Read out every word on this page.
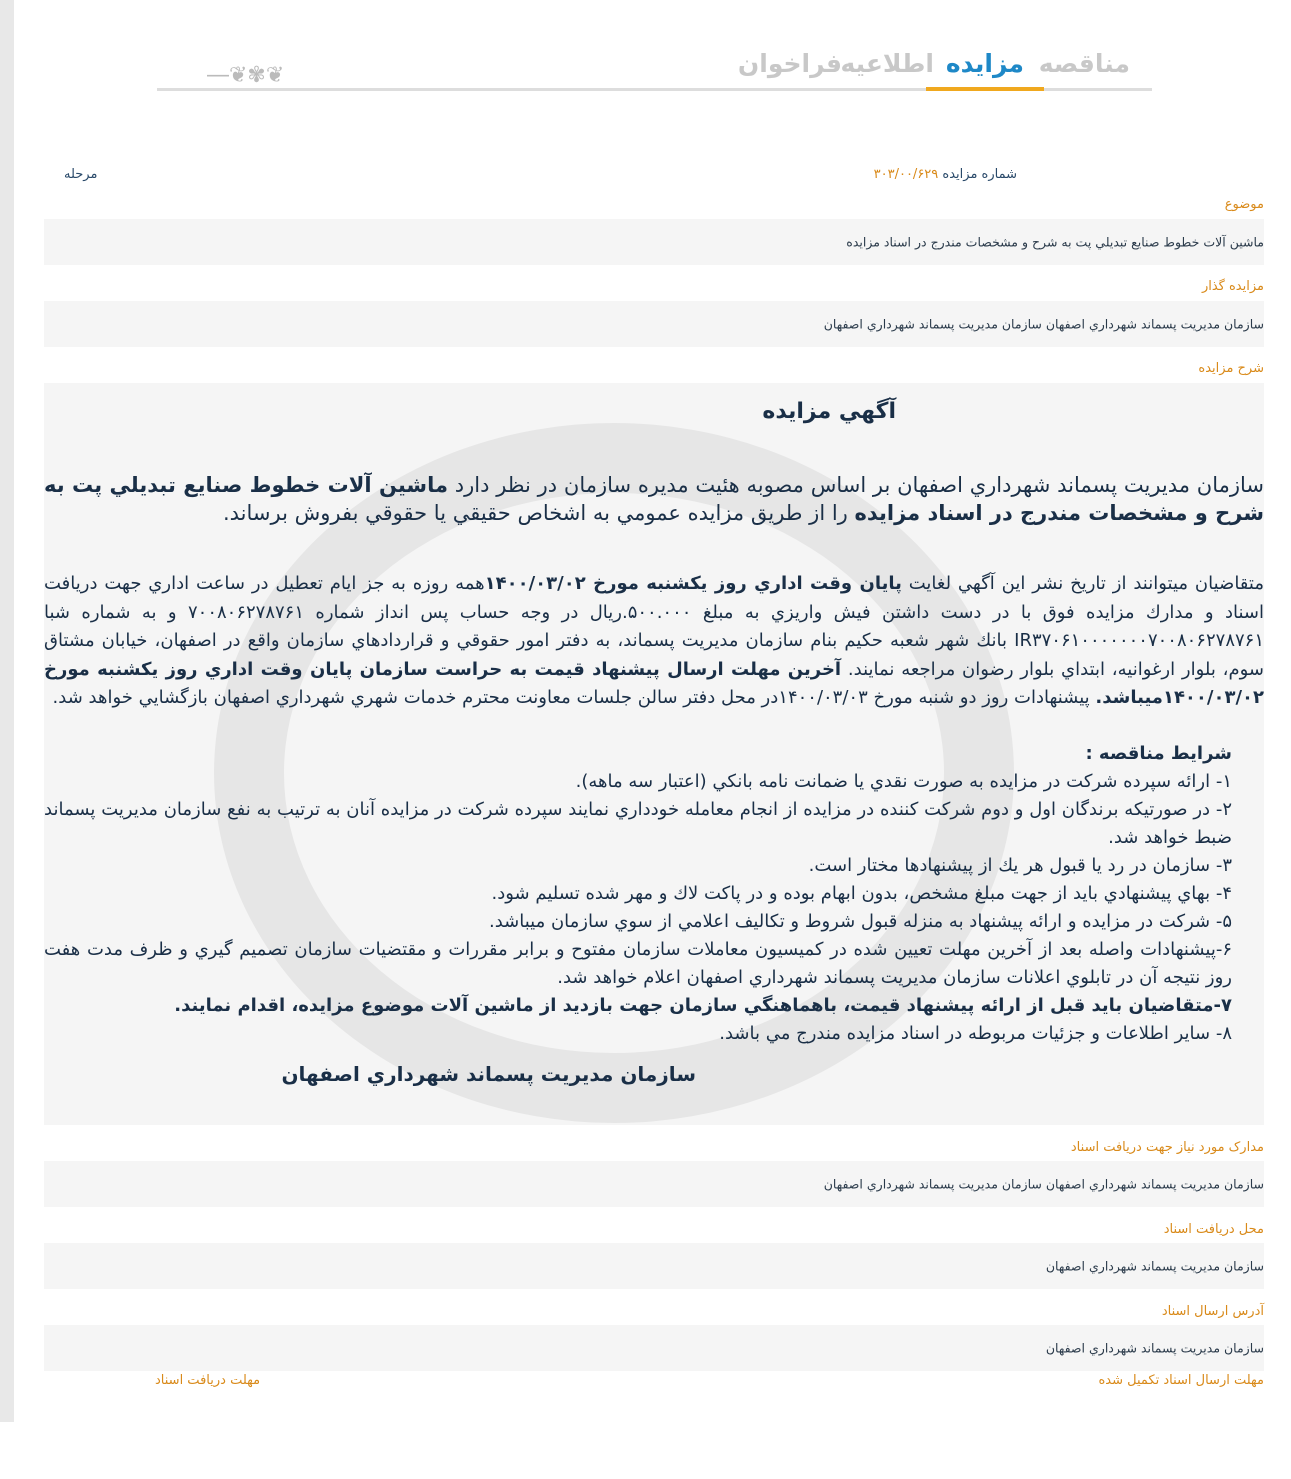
―❦✾❦	مناقصه
مزایده
اطلاعیه
فراخوان
شماره مزایده ۳۰۳/۰۰/۶۲۹
مرحله
موضوع
ماشين آلات خطوط صنايع تبديلي پت به شرح و مشخصات مندرج در اسناد مزايده
مزايده گذار
سازمان مديريت پسماند شهرداري اصفهان سازمان مديريت پسماند شهرداري اصفهان
شرح مزايده
آگهي مزايده
سازمان مديريت پسماند شهرداري اصفهان بر اساس مصوبه هئيت مديره سازمان در نظر دارد ماشين آلات خطوط صنايع تبديلي پت به شرح و مشخصات مندرج در اسناد مزايده را از طريق مزايده عمومي به اشخاص حقيقي يا حقوقي بفروش برساند.
متقاضيان ميتوانند از تاريخ نشر اين آگهي لغايت پايان وقت اداري روز يكشنبه مورخ ۱۴۰۰/۰۳/۰۲همه روزه به جز ايام تعطيل در ساعت اداري جهت دريافت اسناد و مدارك مزايده فوق با در دست داشتن فيش واريزي به مبلغ ۵۰۰.۰۰۰.ريال در وجه حساب پس انداز شماره ۷۰۰۸۰۶۲۷۸۷۶۱ و به شماره شبا IR۳۷۰۶۱۰۰۰۰۰۰۰۷۰۰۸۰۶۲۷۸۷۶۱ بانك شهر شعبه حكيم بنام سازمان مديريت پسماند، به دفتر امور حقوقي و قراردادهاي سازمان واقع در اصفهان، خيابان مشتاق سوم، بلوار ارغوانيه، ابتداي بلوار رضوان مراجعه نمايند. آخرين مهلت ارسال پيشنهاد قيمت به حراست سازمان پايان وقت اداري روز يكشنبه مورخ ۱۴۰۰/۰۳/۰۲ميباشد. پيشنهادات روز دو شنبه مورخ ۱۴۰۰/۰۳/۰۳در محل دفتر سالن جلسات معاونت محترم خدمات شهري شهرداري اصفهان بازگشايي خواهد شد.
شرايط مناقصه :
۱- ارائه سپرده شركت در مزايده به صورت نقدي يا ضمانت نامه بانكي (اعتبار سه ماهه).
۲- در صورتيكه برندگان اول و دوم شركت كننده در مزايده از انجام معامله خودداري نمايند سپرده شركت در مزايده آنان به ترتيب به نفع سازمان مديريت پسماند ضبط خواهد شد.
۳- سازمان در رد يا قبول هر يك از پيشنهادها مختار است.
۴- بهاي پيشنهادي بايد از جهت مبلغ مشخص، بدون ابهام بوده و در پاكت لاك و مهر شده تسليم شود.
۵- شركت در مزايده و ارائه پيشنهاد به منزله قبول شروط و تكاليف اعلامي از سوي سازمان ميباشد.
۶-پيشنهادات واصله بعد از آخرين مهلت تعيين شده در كميسيون معاملات سازمان مفتوح و برابر مقررات و مقتضيات سازمان تصميم گيري و ظرف مدت هفت روز نتيجه آن در تابلوي اعلانات سازمان مديريت پسماند شهرداري اصفهان اعلام خواهد شد.
۷-متقاضيان بايد قبل از ارائه پيشنهاد قيمت، باهماهنگي سازمان جهت بازديد از ماشين آلات موضوع مزايده، اقدام نمايند.
۸- ساير اطلاعات و جزئيات مربوطه در اسناد مزايده مندرج مي باشد.
سازمان مديريت پسماند شهرداري اصفهان
مدارک مورد نیاز جهت دریافت اسناد
سازمان مديريت پسماند شهرداري اصفهان سازمان مديريت پسماند شهرداري اصفهان
محل دريافت اسناد
سازمان مديريت پسماند شهرداري اصفهان
آدرس ارسال اسناد
سازمان مديريت پسماند شهرداري اصفهان
مهلت ارسال اسناد تکمیل شده
مهلت دریافت اسناد
